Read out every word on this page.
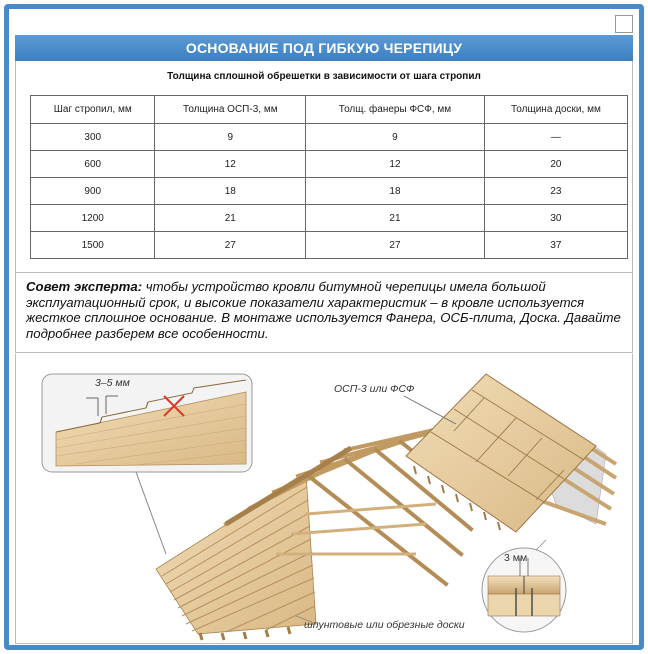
ОСНОВАНИЕ ПОД ГИБКУЮ ЧЕРЕПИЦУ
Толщина сплошной обрешетки в зависимости от шага стропил
Шаг стропил, мм	Толщина ОСП-3, мм	Толщ. фанеры ФСФ, мм	Толщина доски, мм
300	9	9	—
600	12	12	20
900	18	18	23
1200	21	21	30
1500	27	27	37
Совет эксперта: чтобы устройство кровли битумной черепицы имела большой эксплуатационный срок, и высокие показатели характеристик – в кровле используется жесткое сплошное основание. В монтаже используется Фанера, ОСБ-плита, Доска. Давайте подробнее разберем все особенности.
3–5 мм	ОСП-3 или ФСФ
шпунтовые или обрезные доски
3 мм
